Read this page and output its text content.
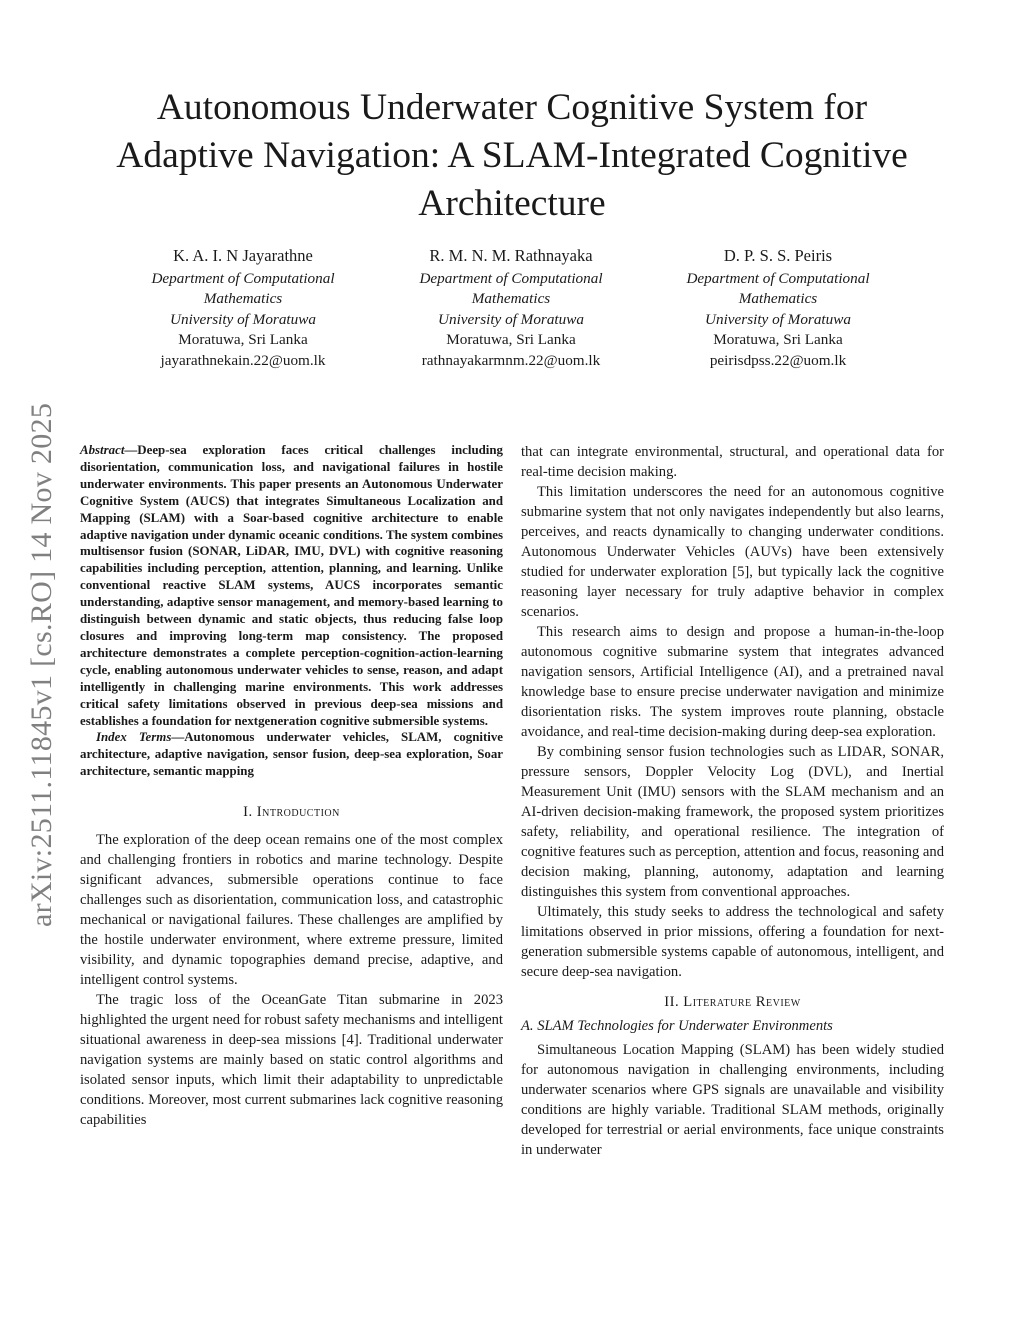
arXiv:2511.11845v1 [cs.RO] 14 Nov 2025
Autonomous Underwater Cognitive System for
Adaptive Navigation: A SLAM-Integrated Cognitive
Architecture
K. A. I. N Jayarathne
Department of Computational
Mathematics
University of Moratuwa
Moratuwa, Sri Lanka
jayarathnekain.22@uom.lk
R. M. N. M. Rathnayaka
Department of Computational
Mathematics
University of Moratuwa
Moratuwa, Sri Lanka
rathnayakarmnm.22@uom.lk
D. P. S. S. Peiris
Department of Computational
Mathematics
University of Moratuwa
Moratuwa, Sri Lanka
peirisdpss.22@uom.lk

Abstract—Deep-sea exploration faces critical challenges including disorientation, communication loss, and navigational failures in hostile underwater environments. This paper presents an Autonomous Underwater Cognitive System (AUCS) that integrates Simultaneous Localization and Mapping (SLAM) with a Soar-based cognitive architecture to enable adaptive navigation under dynamic oceanic conditions. The system combines multisensor fusion (SONAR, LiDAR, IMU, DVL) with cognitive reasoning capabilities including perception, attention, planning, and learning. Unlike conventional reactive SLAM systems, AUCS incorporates semantic understanding, adaptive sensor management, and memory-based learning to distinguish between dynamic and static objects, thus reducing false loop closures and improving long-term map consistency. The proposed architecture demonstrates a complete perception-cognition-action-learning cycle, enabling autonomous underwater vehicles to sense, reason, and adapt intelligently in challenging marine environments. This work addresses critical safety limitations observed in previous deep-sea missions and establishes a foundation for nextgeneration cognitive submersible systems.

Index Terms—Autonomous underwater vehicles, SLAM, cognitive architecture, adaptive navigation, sensor fusion, deep-sea exploration, Soar architecture, semantic mapping

I. Introduction

The exploration of the deep ocean remains one of the most complex and challenging frontiers in robotics and marine technology. Despite significant advances, submersible operations continue to face challenges such as disorientation, communication loss, and catastrophic mechanical or navigational failures. These challenges are amplified by the hostile underwater environment, where extreme pressure, limited visibility, and dynamic topographies demand precise, adaptive, and intelligent control systems.

The tragic loss of the OceanGate Titan submarine in 2023 highlighted the urgent need for robust safety mechanisms and intelligent situational awareness in deep-sea missions [4]. Traditional underwater navigation systems are mainly based on static control algorithms and isolated sensor inputs, which limit their adaptability to unpredictable conditions. Moreover, most current submarines lack cognitive reasoning capabilities

that can integrate environmental, structural, and operational data for real-time decision making.

This limitation underscores the need for an autonomous cognitive submarine system that not only navigates independently but also learns, perceives, and reacts dynamically to changing underwater conditions. Autonomous Underwater Vehicles (AUVs) have been extensively studied for underwater exploration [5], but typically lack the cognitive reasoning layer necessary for truly adaptive behavior in complex scenarios.

This research aims to design and propose a human-in-the-loop autonomous cognitive submarine system that integrates advanced navigation sensors, Artificial Intelligence (AI), and a pretrained naval knowledge base to ensure precise underwater navigation and minimize disorientation risks. The system improves route planning, obstacle avoidance, and real-time decision-making during deep-sea exploration.

By combining sensor fusion technologies such as LIDAR, SONAR, pressure sensors, Doppler Velocity Log (DVL), and Inertial Measurement Unit (IMU) sensors with the SLAM mechanism and an AI-driven decision-making framework, the proposed system prioritizes safety, reliability, and operational resilience. The integration of cognitive features such as perception, attention and focus, reasoning and decision making, planning, autonomy, adaptation and learning distinguishes this system from conventional approaches.

Ultimately, this study seeks to address the technological and safety limitations observed in prior missions, offering a foundation for next-generation submersible systems capable of autonomous, intelligent, and secure deep-sea navigation.

II. Literature Review
A. SLAM Technologies for Underwater Environments

Simultaneous Location Mapping (SLAM) has been widely studied for autonomous navigation in challenging environments, including underwater scenarios where GPS signals are unavailable and visibility conditions are highly variable. Traditional SLAM methods, originally developed for terrestrial or aerial environments, face unique constraints in underwater
